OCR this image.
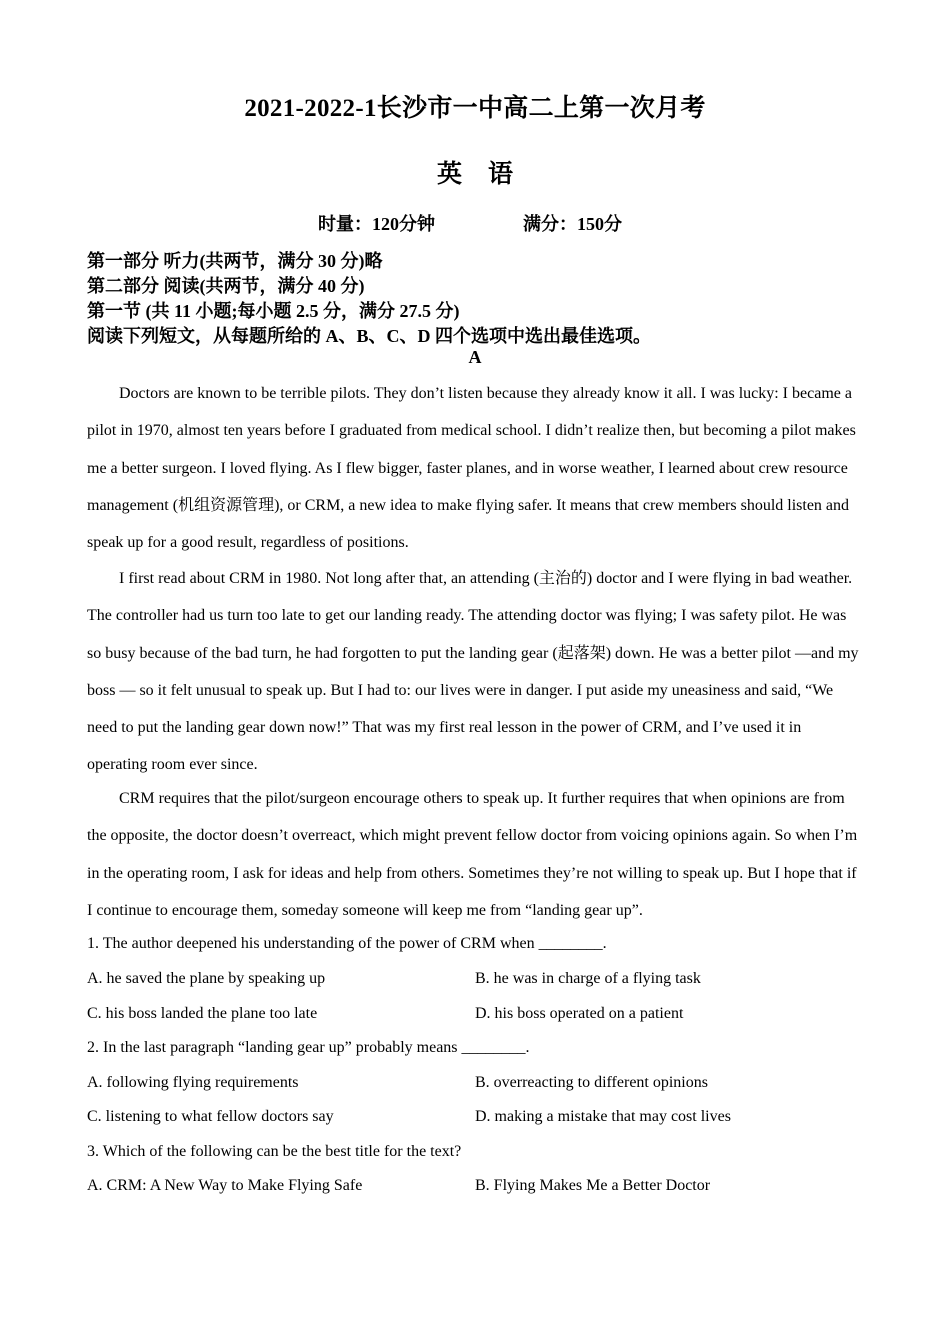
2021-2022-1长沙市一中高二上第一次月考
英 语
时量：120分钟	满分：150分
第一部分 听力(共两节，满分 30 分)略
第二部分 阅读(共两节，满分 40 分)
第一节 (共 11 小题;每小题 2.5 分，满分 27.5 分)
阅读下列短文，从每题所给的 A、B、C、D 四个选项中选出最佳选项。
A

Doctors are known to be terrible pilots. They don’t listen because they already know it all. I was lucky: I became a pilot in 1970, almost ten years before I graduated from medical school. I didn’t realize then, but becoming a pilot makes me a better surgeon. I loved flying. As I flew bigger, faster planes, and in worse weather, I learned about crew resource management (机组资源管理), or CRM, a new idea to make flying safer. It means that crew members should listen and speak up for a good result, regardless of positions.

I first read about CRM in 1980. Not long after that, an attending (主治的) doctor and I were flying in bad weather. The controller had us turn too late to get our landing ready. The attending doctor was flying; I was safety pilot. He was so busy because of the bad turn, he had forgotten to put the landing gear (起落架) down. He was a better pilot —and my boss — so it felt unusual to speak up. But I had to: our lives were in danger. I put aside my uneasiness and said, “We need to put the landing gear down now!” That was my first real lesson in the power of CRM, and I’ve used it in operating room ever since.

CRM requires that the pilot/surgeon encourage others to speak up. It further requires that when opinions are from the opposite, the doctor doesn’t overreact, which might prevent fellow doctor from voicing opinions again. So when I’m in the operating room, I ask for ideas and help from others. Sometimes they’re not willing to speak up. But I hope that if I continue to encourage them, someday someone will keep me from “landing gear up”.

1. The author deepened his understanding of the power of CRM when ________.
A. he saved the plane by speaking up	B. he was in charge of a flying task
C. his boss landed the plane too late	D. his boss operated on a patient
2. In the last paragraph “landing gear up” probably means ________.
A. following flying requirements	B. overreacting to different opinions
C. listening to what fellow doctors say	D. making a mistake that may cost lives
3. Which of the following can be the best title for the text?
A. CRM: A New Way to Make Flying Safe	B. Flying Makes Me a Better Doctor
